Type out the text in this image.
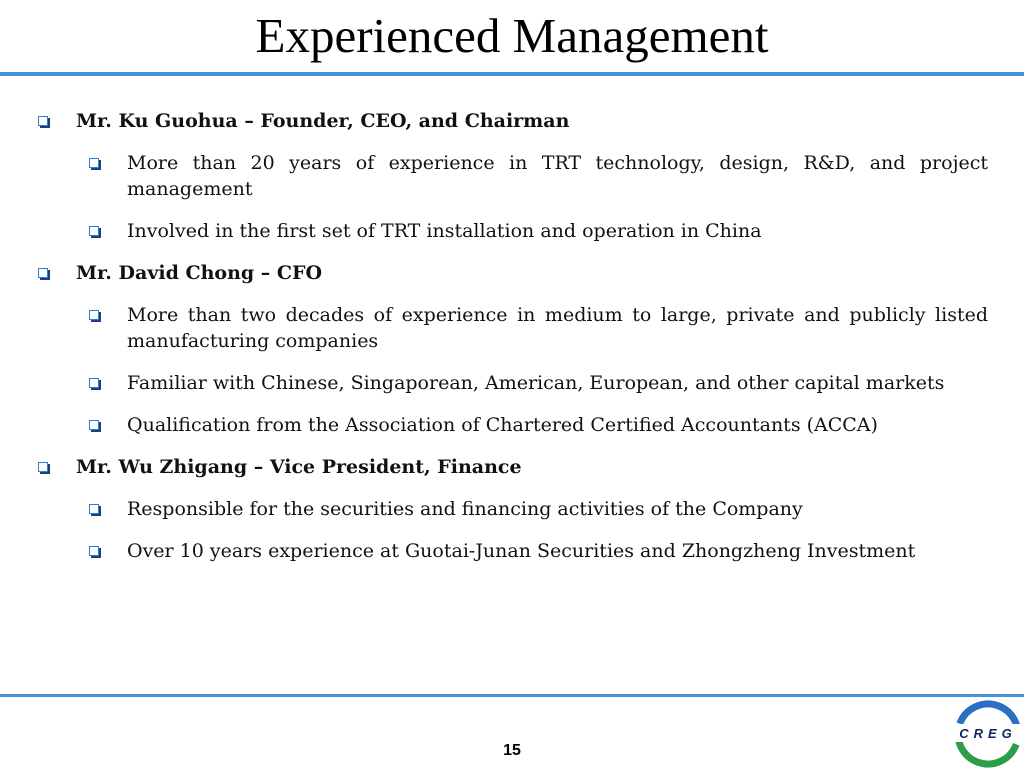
Experienced Management
Mr. Ku Guohua – Founder, CEO, and Chairman
More than 20 years of experience in TRT technology, design, R&D, and project management
Involved in the first set of TRT installation and operation in China
Mr. David Chong – CFO
More than two decades of experience in medium to large, private and publicly listed manufacturing companies
Familiar with Chinese, Singaporean, American, European, and other capital markets
Qualification from the Association of Chartered Certified Accountants (ACCA)
Mr. Wu Zhigang – Vice President, Finance
Responsible for the securities and financing activities of the Company
Over 10 years experience at Guotai-Junan Securities and Zhongzheng Investment
15
CREG
